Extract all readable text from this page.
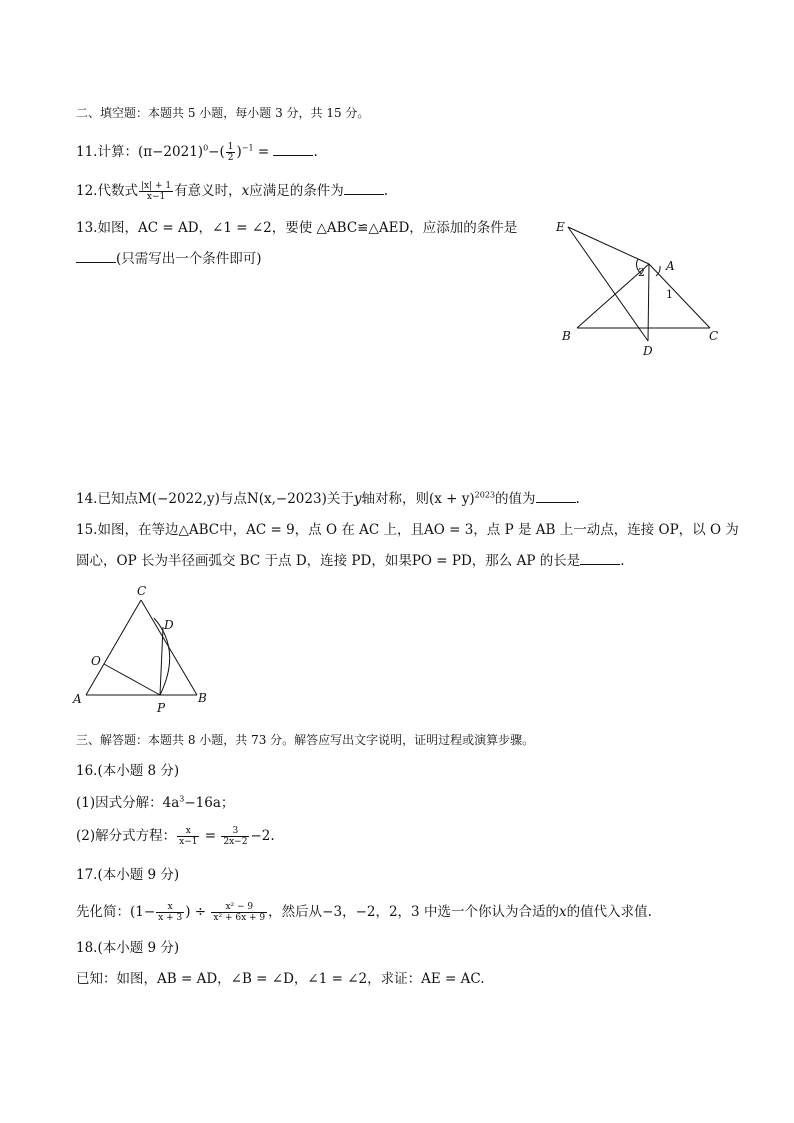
二、填空题：本题共 5 小题，每小题 3 分，共 15 分。
11.计算：$(\pi-2021)^0-( \frac{1}{2} )^{-1}$ =	.
12.代数式 $\frac{|x| + 1}{x-1}$ 有意义时，x应满足的条件为	.
13.如图，AC = AD，∠1 = ∠2，要使 △ABC≌△AED，应添加的条件是
(只需写出一个条件即可)
E
A
B	C
D
2
1
14.已知点M(−2022,y)与点N(x,−2023)关于y轴对称，则$(x + y)^{2023}$的值为	.
15.如图，在等边△ABC中，AC = 9，点 O 在 AC 上，且AO = 3，点 P 是 AB 上一动点，连接 OP，以 O 为
圆心，OP 长为半径画弧交 BC 于点 D，连接 PD，如果PO = PD，那么 AP 的长是	.
C
D
O
A	B
P
三、解答题：本题共 8 小题，共 73 分。解答应写出文字说明，证明过程或演算步骤。
16.(本小题 8 分)
(1)因式分解：$4a^3-16a$；
(2)解分式方程： $\frac{x}{x-1} = \frac{3}{2x-2} -2$.
17.(本小题 9 分)
先化简：($1- \frac{x}{x + 3}$ ) ÷ $\frac{\text{x² − 9}}{\text{x² + 6x + 9}}$ ，然后从−3，−2，2，3 中选一个你认为合适的x的值代入求值.
18.(本小题 9 分)
已知：如图，AB = AD，∠B = ∠D，∠1 = ∠2，求证：AE = AC.
